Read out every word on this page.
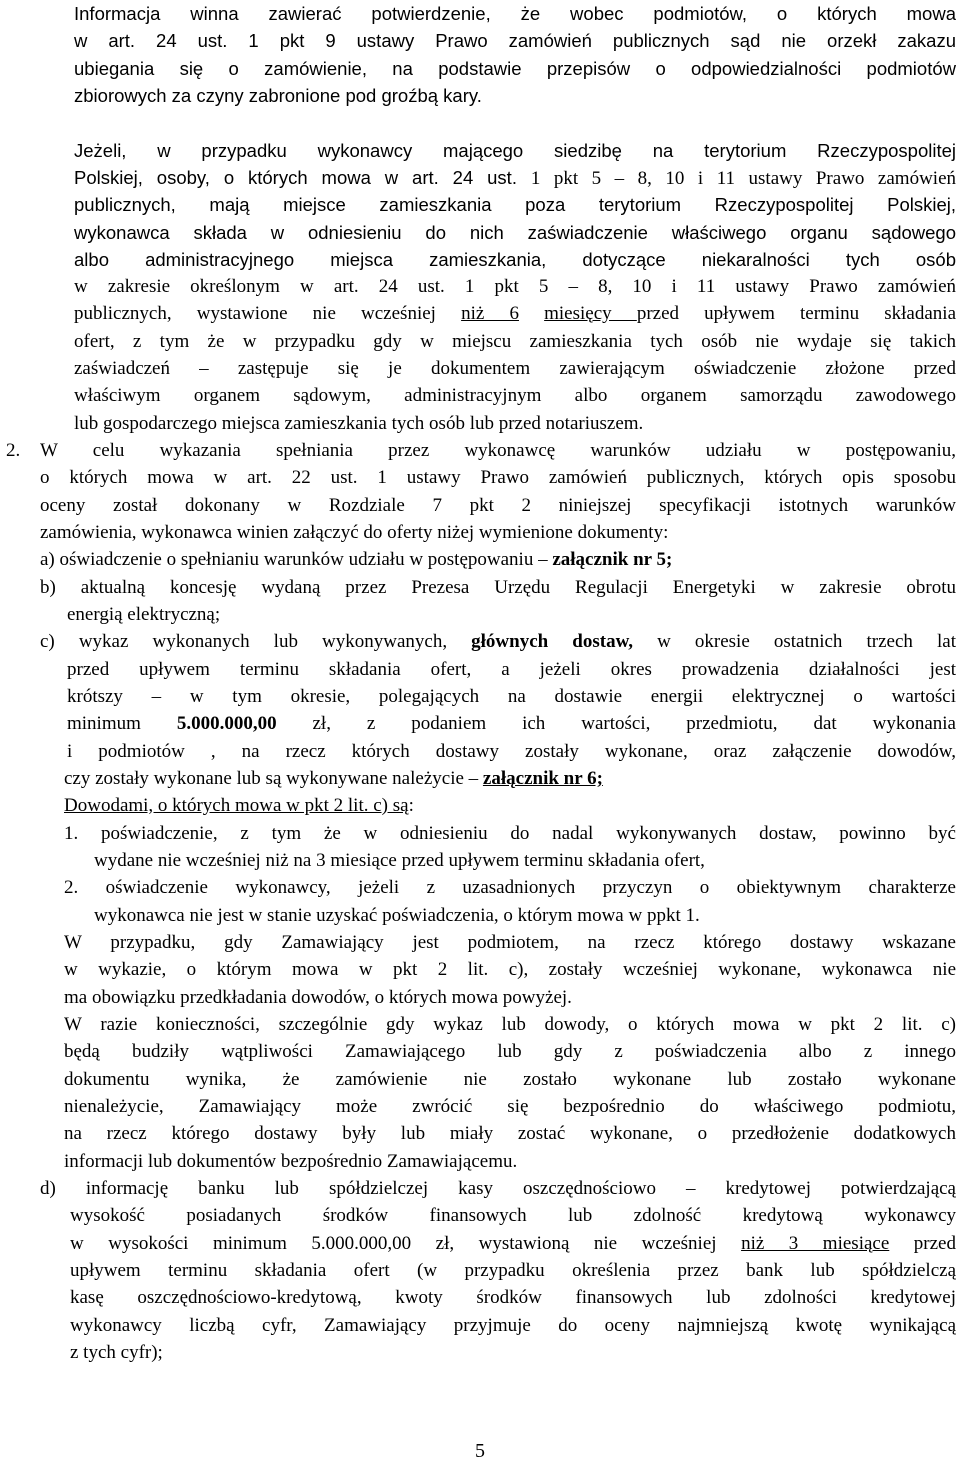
Informacja winna zawierać potwierdzenie, że wobec podmiotów, o których mowa
w art. 24 ust. 1 pkt 9 ustawy Prawo zamówień publicznych sąd nie orzekł zakazu
ubiegania się o zamówienie, na podstawie przepisów o odpowiedzialności podmiotów
zbiorowych za czyny zabronione pod groźbą kary.
Jeżeli, w przypadku wykonawcy mającego siedzibę na terytorium Rzeczypospolitej
Polskiej, osoby, o których mowa w art. 24 ust. 1 pkt 5 – 8, 10 i 11 ustawy Prawo zamówień
publicznych, mają miejsce zamieszkania poza terytorium Rzeczypospolitej Polskiej,
wykonawca składa w odniesieniu do nich zaświadczenie właściwego organu sądowego
albo administracyjnego miejsca zamieszkania, dotyczące niekaralności tych osób
w zakresie określonym w art. 24 ust. 1 pkt 5 – 8, 10 i 11 ustawy Prawo zamówień
publicznych, wystawione nie wcześniej niż 6 miesięcy przed upływem terminu składania
ofert, z tym że w przypadku gdy w miejscu zamieszkania tych osób nie wydaje się takich
zaświadczeń – zastępuje się je dokumentem zawierającym oświadczenie złożone przed
właściwym organem sądowym, administracyjnym albo organem samorządu zawodowego
lub gospodarczego miejsca zamieszkania tych osób lub przed notariuszem.
2.	W celu wykazania spełniania przez wykonawcę warunków udziału w postępowaniu,
o których mowa w art. 22 ust. 1 ustawy Prawo zamówień publicznych, których opis sposobu
oceny został dokonany w Rozdziale 7 pkt 2 niniejszej specyfikacji istotnych warunków
zamówienia, wykonawca winien załączyć do oferty niżej wymienione dokumenty:
a) oświadczenie o spełnianiu warunków udziału w postępowaniu – załącznik nr 5;
b) aktualną koncesję wydaną przez Prezesa Urzędu Regulacji Energetyki w zakresie obrotu
energią elektryczną;
c) wykaz wykonanych lub wykonywanych, głównych dostaw, w okresie ostatnich trzech lat
przed upływem terminu składania ofert, a jeżeli okres prowadzenia działalności jest
krótszy – w tym okresie, polegających na dostawie energii elektrycznej o wartości
minimum 5.000.000,00 zł, z podaniem ich wartości, przedmiotu, dat wykonania
i podmiotów , na rzecz których dostawy zostały wykonane, oraz załączenie dowodów,
czy zostały wykonane lub są wykonywane należycie – załącznik nr 6;
Dowodami, o których mowa w pkt 2 lit. c) są:
1. poświadczenie, z tym że w odniesieniu do nadal wykonywanych dostaw, powinno być
wydane nie wcześniej niż na 3 miesiące przed upływem terminu składania ofert,
2. oświadczenie wykonawcy, jeżeli z uzasadnionych przyczyn o obiektywnym charakterze
wykonawca nie jest w stanie uzyskać poświadczenia, o którym mowa w ppkt 1.
W przypadku, gdy Zamawiający jest podmiotem, na rzecz którego dostawy wskazane
w wykazie, o którym mowa w pkt 2 lit. c), zostały wcześniej wykonane, wykonawca nie
ma obowiązku przedkładania dowodów, o których mowa powyżej.
W razie konieczności, szczególnie gdy wykaz lub dowody, o których mowa w pkt 2 lit. c)
będą budziły wątpliwości Zamawiającego lub gdy z poświadczenia albo z innego
dokumentu wynika, że zamówienie nie zostało wykonane lub zostało wykonane
nienależycie, Zamawiający może zwrócić się bezpośrednio do właściwego podmiotu,
na rzecz którego dostawy były lub miały zostać wykonane, o przedłożenie dodatkowych
informacji lub dokumentów bezpośrednio Zamawiającemu.
d) informację banku lub spółdzielczej kasy oszczędnościowo – kredytowej potwierdzającą
wysokość posiadanych środków finansowych lub zdolność kredytową wykonawcy
w wysokości minimum 5.000.000,00 zł, wystawioną nie wcześniej niż 3 miesiące przed
upływem terminu składania ofert (w przypadku określenia przez bank lub spółdzielczą
kasę oszczędnościowo-kredytową, kwoty środków finansowych lub zdolności kredytowej
wykonawcy liczbą cyfr, Zamawiający przyjmuje do oceny najmniejszą kwotę wynikającą
z tych cyfr);
5
